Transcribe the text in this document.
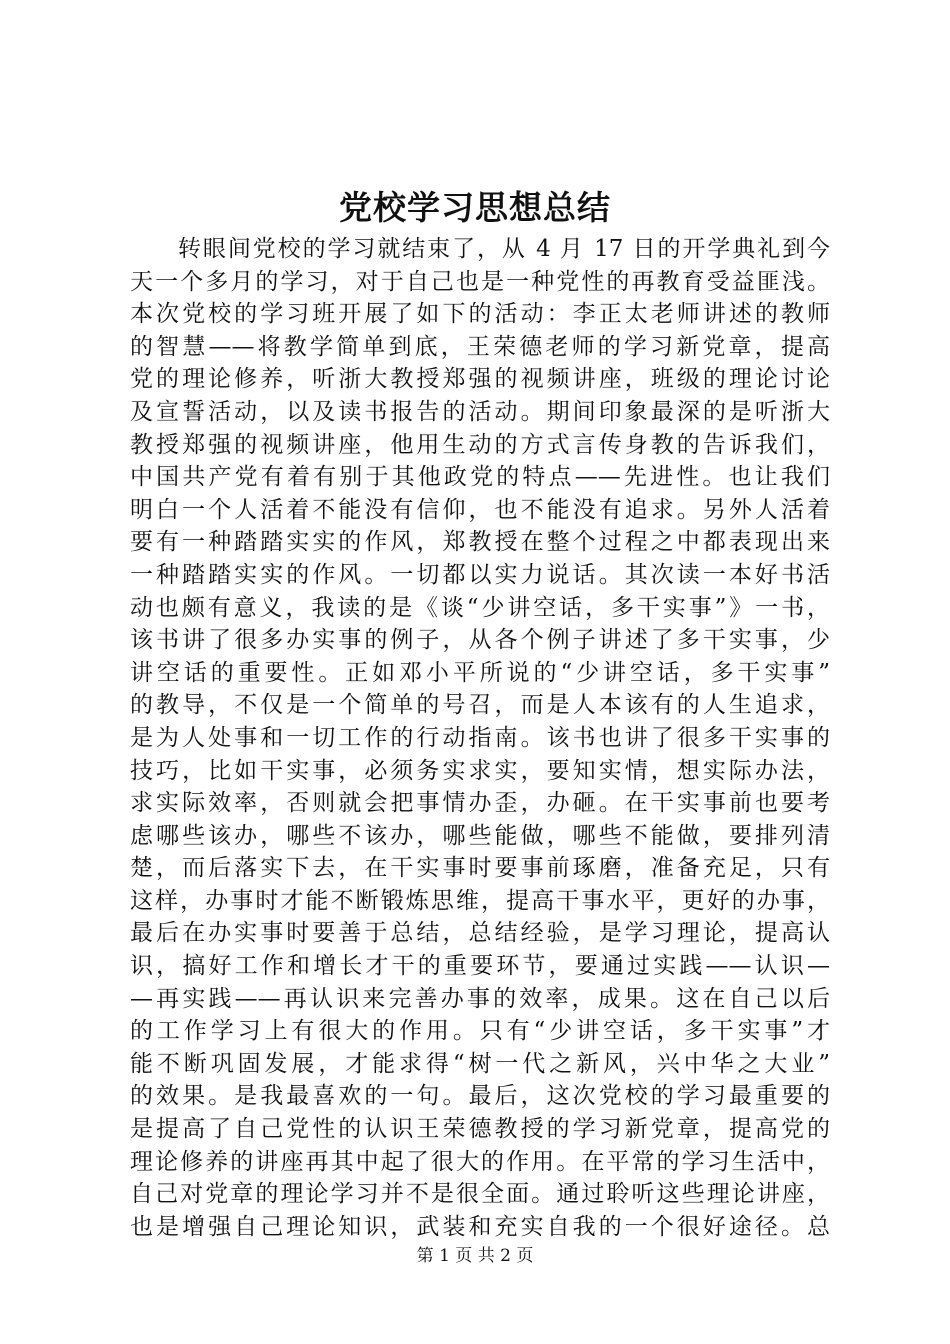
党校学习思想总结
转眼间党校的学习就结束了，从 4 月 17 日的开学典礼到今
天一个多月的学习，对于自己也是一种党性的再教育受益匪浅。
本次党校的学习班开展了如下的活动：李正太老师讲述的教师
的智慧——将教学简单到底，王荣德老师的学习新党章，提高
党的理论修养，听浙大教授郑强的视频讲座，班级的理论讨论
及宣誓活动，以及读书报告的活动。期间印象最深的是听浙大
教授郑强的视频讲座，他用生动的方式言传身教的告诉我们，
中国共产党有着有别于其他政党的特点——先进性。也让我们
明白一个人活着不能没有信仰，也不能没有追求。另外人活着
要有一种踏踏实实的作风，郑教授在整个过程之中都表现出来
一种踏踏实实的作风。一切都以实力说话。其次读一本好书活
动也颇有意义，我读的是《谈“少讲空话，多干实事”》一书，
该书讲了很多办实事的例子，从各个例子讲述了多干实事，少
讲空话的重要性。正如邓小平所说的“少讲空话，多干实事”
的教导，不仅是一个简单的号召，而是人本该有的人生追求，
是为人处事和一切工作的行动指南。该书也讲了很多干实事的
技巧，比如干实事，必须务实求实，要知实情，想实际办法，
求实际效率，否则就会把事情办歪，办砸。在干实事前也要考
虑哪些该办，哪些不该办，哪些能做，哪些不能做，要排列清
楚，而后落实下去，在干实事时要事前琢磨，准备充足，只有
这样，办事时才能不断锻炼思维，提高干事水平，更好的办事，
最后在办实事时要善于总结，总结经验，是学习理论，提高认
识，搞好工作和增长才干的重要环节，要通过实践——认识—
—再实践——再认识来完善办事的效率，成果。这在自己以后
的工作学习上有很大的作用。只有“少讲空话，多干实事”才
能不断巩固发展，才能求得“树一代之新风，兴中华之大业”
的效果。是我最喜欢的一句。最后，这次党校的学习最重要的
是提高了自己党性的认识王荣德教授的学习新党章，提高党的
理论修养的讲座再其中起了很大的作用。在平常的学习生活中，
自己对党章的理论学习并不是很全面。通过聆听这些理论讲座，
也是增强自己理论知识，武装和充实自我的一个很好途径。总
第 1 页 共 2 页
